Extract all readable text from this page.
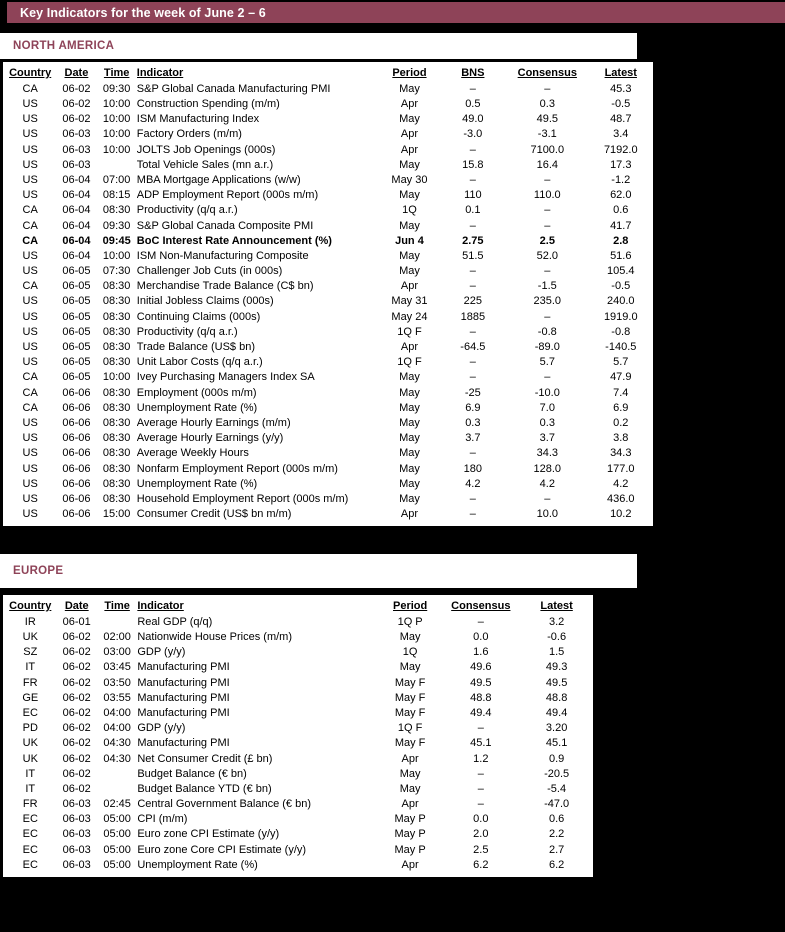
Key Indicators for the week of June 2 – 6
NORTH AMERICA
Country	Date	Time	Indicator	Period	BNS	Consensus	Latest
CA	06-02	09:30	S&P Global Canada Manufacturing PMI	May	–	–	45.3
US	06-02	10:00	Construction Spending (m/m)	Apr	0.5	0.3	-0.5
US	06-02	10:00	ISM Manufacturing Index	May	49.0	49.5	48.7
US	06-03	10:00	Factory Orders (m/m)	Apr	-3.0	-3.1	3.4
US	06-03	10:00	JOLTS Job Openings (000s)	Apr	–	7100.0	7192.0
US	06-03		Total Vehicle Sales (mn a.r.)	May	15.8	16.4	17.3
US	06-04	07:00	MBA Mortgage Applications (w/w)	May 30	–	–	-1.2
US	06-04	08:15	ADP Employment Report (000s m/m)	May	110	110.0	62.0
CA	06-04	08:30	Productivity (q/q a.r.)	1Q	0.1	–	0.6
CA	06-04	09:30	S&P Global Canada Composite PMI	May	–	–	41.7
CA	06-04	09:45	BoC Interest Rate Announcement (%)	Jun 4	2.75	2.5	2.8
US	06-04	10:00	ISM Non-Manufacturing Composite	May	51.5	52.0	51.6
US	06-05	07:30	Challenger Job Cuts (in 000s)	May	–	–	105.4
CA	06-05	08:30	Merchandise Trade Balance (C$ bn)	Apr	–	-1.5	-0.5
US	06-05	08:30	Initial Jobless Claims (000s)	May 31	225	235.0	240.0
US	06-05	08:30	Continuing Claims (000s)	May 24	1885	–	1919.0
US	06-05	08:30	Productivity (q/q a.r.)	1Q F	–	-0.8	-0.8
US	06-05	08:30	Trade Balance (US$ bn)	Apr	-64.5	-89.0	-140.5
US	06-05	08:30	Unit Labor Costs (q/q a.r.)	1Q F	–	5.7	5.7
CA	06-05	10:00	Ivey Purchasing Managers Index SA	May	–	–	47.9
CA	06-06	08:30	Employment (000s m/m)	May	-25	-10.0	7.4
CA	06-06	08:30	Unemployment Rate (%)	May	6.9	7.0	6.9
US	06-06	08:30	Average Hourly Earnings (m/m)	May	0.3	0.3	0.2
US	06-06	08:30	Average Hourly Earnings (y/y)	May	3.7	3.7	3.8
US	06-06	08:30	Average Weekly Hours	May	–	34.3	34.3
US	06-06	08:30	Nonfarm Employment Report (000s m/m)	May	180	128.0	177.0
US	06-06	08:30	Unemployment Rate (%)	May	4.2	4.2	4.2
US	06-06	08:30	Household Employment Report (000s m/m)	May	–	–	436.0
US	06-06	15:00	Consumer Credit (US$ bn m/m)	Apr	–	10.0	10.2
EUROPE
Country	Date	Time	Indicator	Period	Consensus	Latest
IR	06-01		Real GDP (q/q)	1Q P	–	3.2
UK	06-02	02:00	Nationwide House Prices (m/m)	May	0.0	-0.6
SZ	06-02	03:00	GDP (y/y)	1Q	1.6	1.5
IT	06-02	03:45	Manufacturing PMI	May	49.6	49.3
FR	06-02	03:50	Manufacturing PMI	May F	49.5	49.5
GE	06-02	03:55	Manufacturing PMI	May F	48.8	48.8
EC	06-02	04:00	Manufacturing PMI	May F	49.4	49.4
PD	06-02	04:00	GDP (y/y)	1Q F	–	3.20
UK	06-02	04:30	Manufacturing PMI	May F	45.1	45.1
UK	06-02	04:30	Net Consumer Credit (£ bn)	Apr	1.2	0.9
IT	06-02		Budget Balance (€ bn)	May	–	-20.5
IT	06-02		Budget Balance YTD (€ bn)	May	–	-5.4
FR	06-03	02:45	Central Government Balance (€ bn)	Apr	–	-47.0
EC	06-03	05:00	CPI (m/m)	May P	0.0	0.6
EC	06-03	05:00	Euro zone CPI Estimate (y/y)	May P	2.0	2.2
EC	06-03	05:00	Euro zone Core CPI Estimate (y/y)	May P	2.5	2.7
EC	06-03	05:00	Unemployment Rate (%)	Apr	6.2	6.2
